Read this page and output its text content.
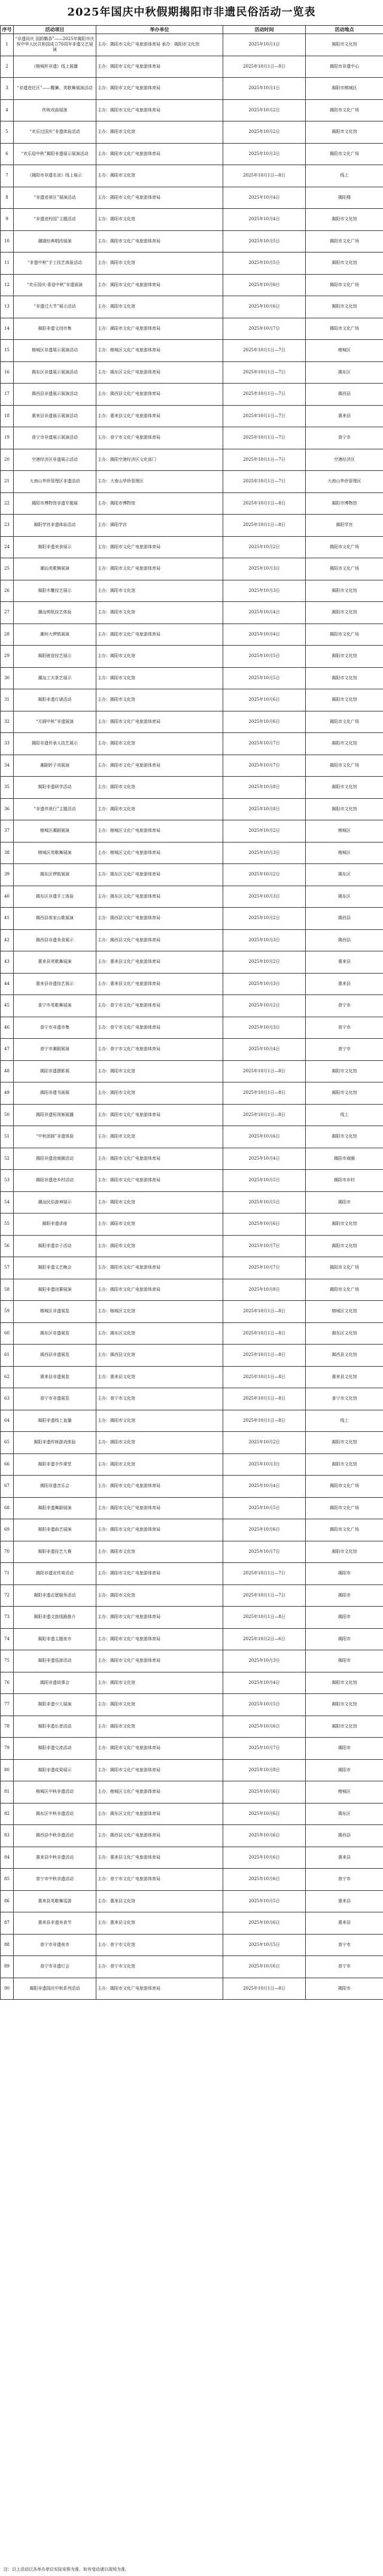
2025年国庆中秋假期揭阳市非遗民俗活动一览表
序号	活动项目	举办单位	活动时间	活动地点
1	“非遗同庆 国韵飘香”——2025年揭阳市庆祝中华人民共和国成立76周年非遗文艺展演	主办：揭阳市文化广电旅游体育局 承办：揭阳市文化馆	2025年10月1日	揭阳市文化馆
2	《榕城杯非遗》线上展播	主办：揭阳市文化广电旅游体育局	2025年10月1日—8日	揭阳市非遗中心
3	“非遗进社区”——醒狮、英歌舞展演活动	主办：揭阳市文化广电旅游体育局	2025年10月1日	揭阳市榕城区
4	传统戏曲展演	主办：揭阳市文化广电旅游体育局	2025年10月2日	揭阳市文化广场
5	“欢乐过国庆”非遗体验活动	主办：揭阳市文化馆	2025年10月2日	揭阳市文化馆
6	“欢乐迎中秋”揭阳非遗展示展演活动	主办：揭阳市文化广电旅游体育局	2025年10月3日	揭阳市文化广场
7	《揭阳市非遗名录》线上展示	主办：揭阳市文化馆	2025年10月1日—8日	线上
8	“非遗进景区”展演活动	主办：揭阳市文化广电旅游体育局	2025年10月4日	揭阳楼
9	“非遗进校园”主题活动	主办：揭阳市文化馆	2025年10月4日	揭阳市文化馆
10	潮剧经典唱段展演	主办：揭阳市文化广电旅游体育局	2025年10月5日	揭阳市文化广场
11	“非遗中秋”手工技艺体验活动	主办：揭阳市文化馆	2025年10月5日	揭阳市文化馆
12	“欢乐国庆·喜迎中秋”非遗展演	主办：揭阳市文化广电旅游体育局	2025年10月6日	揭阳市文化广场
13	“非遗过大节”展示活动	主办：揭阳市文化馆	2025年10月6日	揭阳市文化馆
14	揭阳非遗文创市集	主办：揭阳市文化广电旅游体育局	2025年10月7日	揭阳市文化广场
15	榕城区非遗展示展演活动	主办：榕城区文化广电旅游体育局	2025年10月1日—7日	榕城区
16	揭东区非遗展示展演活动	主办：揭东区文化广电旅游体育局	2025年10月1日—7日	揭东区
17	揭西县非遗展示展演活动	主办：揭西县文化广电旅游体育局	2025年10月1日—7日	揭西县
18	惠来县非遗展示展演活动	主办：惠来县文化广电旅游体育局	2025年10月1日—7日	惠来县
19	普宁市非遗展示展演活动	主办：普宁市文化广电旅游体育局	2025年10月1日—7日	普宁市
20	空港经济区非遗展示活动	主办：揭阳空港经济区文化部门	2025年10月1日—7日	空港经济区
21	大南山华侨管理区非遗活动	主办：大南山华侨管理区	2025年10月1日—7日	大南山华侨管理区
22	揭阳市博物馆非遗专题展	主办：揭阳市博物馆	2025年10月1日—8日	揭阳市博物馆
23	揭阳学宫非遗体验活动	主办：揭阳学宫	2025年10月1日—8日	揭阳学宫
24	揭阳非遗美食展示	主办：揭阳市文化广电旅游体育局	2025年10月2日	揭阳市文化广场
25	潮汕英歌舞展演	主办：揭阳市文化广电旅游体育局	2025年10月3日	揭阳市文化广场
26	揭阳木雕技艺展示	主办：揭阳市文化馆	2025年10月3日	揭阳市文化馆
27	潮汕剪纸技艺体验	主办：揭阳市文化馆	2025年10月4日	揭阳市文化馆
28	潮州大锣鼓展演	主办：揭阳市文化广电旅游体育局	2025年10月4日	揭阳市文化广场
29	揭阳嵌瓷技艺展示	主办：揭阳市文化馆	2025年10月5日	揭阳市文化馆
30	潮汕工夫茶艺展示	主办：揭阳市文化馆	2025年10月5日	揭阳市文化馆
31	揭阳非遗灯谜活动	主办：揭阳市文化馆	2025年10月6日	揭阳市文化馆
32	“月圆中秋”非遗展演	主办：揭阳市文化广电旅游体育局	2025年10月6日	揭阳市文化广场
33	揭阳非遗传承人技艺展示	主办：揭阳市文化馆	2025年10月7日	揭阳市文化馆
34	潮剧折子戏展演	主办：揭阳市文化广电旅游体育局	2025年10月7日	揭阳市文化广场
35	揭阳非遗研学活动	主办：揭阳市文化馆	2025年10月8日	揭阳市文化馆
36	“非遗伴我行”主题活动	主办：揭阳市文化馆	2025年10月8日	揭阳市文化馆
37	榕城区潮剧展演	主办：榕城区文化广电旅游体育局	2025年10月2日	榕城区
38	榕城区英歌舞展演	主办：榕城区文化广电旅游体育局	2025年10月3日	榕城区
39	揭东区锣鼓展演	主办：揭东区文化广电旅游体育局	2025年10月2日	揭东区
40	揭东区非遗手工体验	主办：揭东区文化广电旅游体育局	2025年10月3日	揭东区
41	揭西县客家山歌展演	主办：揭西县文化广电旅游体育局	2025年10月2日	揭西县
42	揭西县非遗美食展示	主办：揭西县文化广电旅游体育局	2025年10月3日	揭西县
43	惠来县英歌舞展演	主办：惠来县文化广电旅游体育局	2025年10月2日	惠来县
44	惠来县非遗技艺展示	主办：惠来县文化广电旅游体育局	2025年10月3日	惠来县
45	普宁市英歌舞展演	主办：普宁市文化广电旅游体育局	2025年10月2日	普宁市
46	普宁市非遗市集	主办：普宁市文化广电旅游体育局	2025年10月3日	普宁市
47	普宁市潮剧展演	主办：普宁市文化广电旅游体育局	2025年10月4日	普宁市
48	揭阳非遗摄影展	主办：揭阳市文化馆	2025年10月1日—8日	揭阳市文化馆
49	揭阳非遗书画展	主办：揭阳市文化馆	2025年10月1日—8日	揭阳市文化馆
50	揭阳非遗短视频展播	主办：揭阳市文化广电旅游体育局	2025年10月1日—8日	线上
51	“中秋团圆”非遗体验	主办：揭阳市文化馆	2025年10月6日	揭阳市文化馆
52	揭阳非遗进商圈活动	主办：揭阳市文化广电旅游体育局	2025年10月4日	揭阳市商圈
53	揭阳非遗进乡村活动	主办：揭阳市文化广电旅游体育局	2025年10月5日	揭阳市乡村
54	潮汕民俗游神展示	主办：揭阳市文化馆	2025年10月5日	揭阳市
55	揭阳非遗讲座	主办：揭阳市文化馆	2025年10月6日	揭阳市文化馆
56	揭阳非遗亲子活动	主办：揭阳市文化馆	2025年10月7日	揭阳市文化馆
57	揭阳非遗文艺晚会	主办：揭阳市文化广电旅游体育局	2025年10月7日	揭阳市文化广场
58	揭阳非遗闭幕展演	主办：揭阳市文化广电旅游体育局	2025年10月8日	揭阳市文化广场
59	榕城区非遗展览	主办：榕城区文化馆	2025年10月1日—8日	榕城区文化馆
60	揭东区非遗展览	主办：揭东区文化馆	2025年10月1日—8日	揭东区文化馆
61	揭西县非遗展览	主办：揭西县文化馆	2025年10月1日—8日	揭西县文化馆
62	惠来县非遗展览	主办：惠来县文化馆	2025年10月1日—8日	惠来县文化馆
63	普宁市非遗展览	主办：普宁市文化馆	2025年10月1日—8日	普宁市文化馆
64	揭阳非遗线上直播	主办：揭阳市文化馆	2025年10月1日—8日	线上
65	揭阳非遗传统游戏体验	主办：揭阳市文化馆	2025年10月2日	揭阳市文化馆
66	揭阳非遗手作课堂	主办：揭阳市文化馆	2025年10月3日	揭阳市文化馆
67	揭阳非遗音乐会	主办：揭阳市文化广电旅游体育局	2025年10月4日	揭阳市文化广场
68	揭阳非遗舞蹈展演	主办：揭阳市文化广电旅游体育局	2025年10月5日	揭阳市文化广场
69	揭阳非遗曲艺展演	主办：揭阳市文化广电旅游体育局	2025年10月6日	揭阳市文化广场
70	揭阳非遗技艺大赛	主办：揭阳市文化馆	2025年10月7日	揭阳市文化馆
71	揭阳非遗宣传周活动	主办：揭阳市文化广电旅游体育局	2025年10月1日—7日	揭阳市
72	揭阳非遗志愿服务活动	主办：揭阳市文化馆	2025年10月1日—7日	揭阳市
73	揭阳非遗文旅线路推介	主办：揭阳市文化广电旅游体育局	2025年10月1日—8日	揭阳市
74	揭阳非遗主题夜市	主办：揭阳市文化广电旅游体育局	2025年10月2日—6日	揭阳市
75	揭阳非遗巡游活动	主办：揭阳市文化广电旅游体育局	2025年10月3日	揭阳市
76	揭阳非遗故事会	主办：揭阳市文化馆	2025年10月4日	揭阳市文化馆
77	揭阳非遗少儿展演	主办：揭阳市文化馆	2025年10月5日	揭阳市文化馆
78	揭阳非遗长者活动	主办：揭阳市文化馆	2025年10月6日	揭阳市文化馆
79	揭阳非遗交流活动	主办：揭阳市文化广电旅游体育局	2025年10月7日	揭阳市
80	揭阳非遗成果展示	主办：揭阳市文化广电旅游体育局	2025年10月8日	揭阳市
81	榕城区中秋非遗活动	主办：榕城区文化广电旅游体育局	2025年10月6日	榕城区
82	揭东区中秋非遗活动	主办：揭东区文化广电旅游体育局	2025年10月6日	揭东区
83	揭西县中秋非遗活动	主办：揭西县文化广电旅游体育局	2025年10月6日	揭西县
84	惠来县中秋非遗活动	主办：惠来县文化广电旅游体育局	2025年10月6日	惠来县
85	普宁市中秋非遗活动	主办：普宁市文化广电旅游体育局	2025年10月6日	普宁市
86	惠来县英歌舞巡游	主办：惠来县文化馆	2025年10月5日	惠来县
87	惠来县非遗美食节	主办：惠来县文化馆	2025年10月6日	惠来县
88	普宁市非遗夜市	主办：普宁市文化馆	2025年10月5日	普宁市
89	普宁市非遗灯会	主办：普宁市文化馆	2025年10月6日	普宁市
90	揭阳非遗国庆中秋系列活动	主办：揭阳市文化广电旅游体育局	2025年10月1日—8日	揭阳市
注：以上活动以各举办单位实际安排为准，如有变动请以现场为准。
